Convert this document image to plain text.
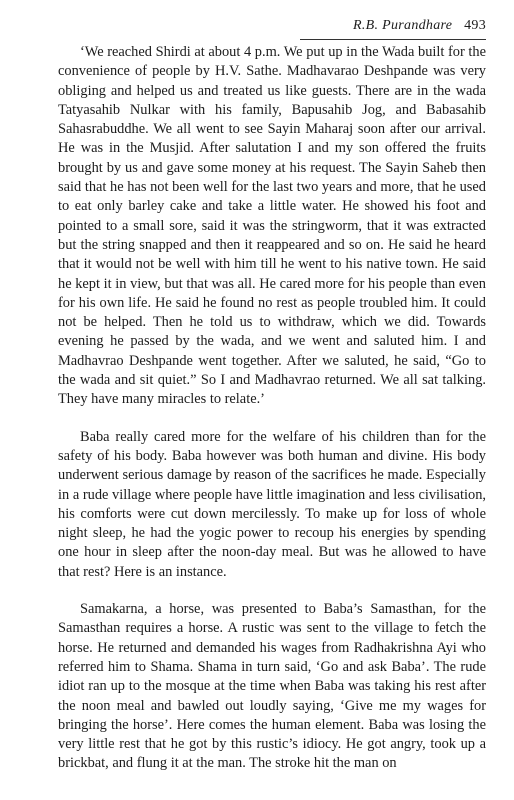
R.B. Purandhare 493

‘We reached Shirdi at about 4 p.m. We put up in the Wada built for the convenience of people by H.V. Sathe. Madhavarao Deshpande was very obliging and helped us and treated us like guests. There are in the wada Tatyasahib Nulkar with his family, Bapusahib Jog, and Babasahib Sahasrabuddhe. We all went to see Sayin Maharaj soon after our arrival. He was in the Musjid. After salutation I and my son offered the fruits brought by us and gave some money at his request. The Sayin Saheb then said that he has not been well for the last two years and more, that he used to eat only barley cake and take a little water. He showed his foot and pointed to a small sore, said it was the stringworm, that it was extracted but the string snapped and then it reappeared and so on. He said he heard that it would not be well with him till he went to his native town. He said he kept it in view, but that was all. He cared more for his people than even for his own life. He said he found no rest as people troubled him. It could not be helped. Then he told us to withdraw, which we did. Towards evening he passed by the wada, and we went and saluted him. I and Madhavrao Deshpande went together. After we saluted, he said, “Go to the wada and sit quiet.” So I and Madhavrao returned. We all sat talking. They have many miracles to relate.’

Baba really cared more for the welfare of his children than for the safety of his body. Baba however was both human and divine. His body underwent serious damage by reason of the sacrifices he made. Especially in a rude village where people have little imagination and less civilisation, his comforts were cut down mercilessly. To make up for loss of whole night sleep, he had the yogic power to recoup his energies by spending one hour in sleep after the noon-day meal. But was he allowed to have that rest? Here is an instance.

Samakarna, a horse, was presented to Baba’s Samasthan, for the Samasthan requires a horse. A rustic was sent to the village to fetch the horse. He returned and demanded his wages from Radhakrishna Ayi who referred him to Shama. Shama in turn said, ‘Go and ask Baba’. The rude idiot ran up to the mosque at the time when Baba was taking his rest after the noon meal and bawled out loudly saying, ‘Give me my wages for bringing the horse’. Here comes the human element. Baba was losing the very little rest that he got by this rustic’s idiocy. He got angry, took up a brickbat, and flung it at the man. The stroke hit the man on
